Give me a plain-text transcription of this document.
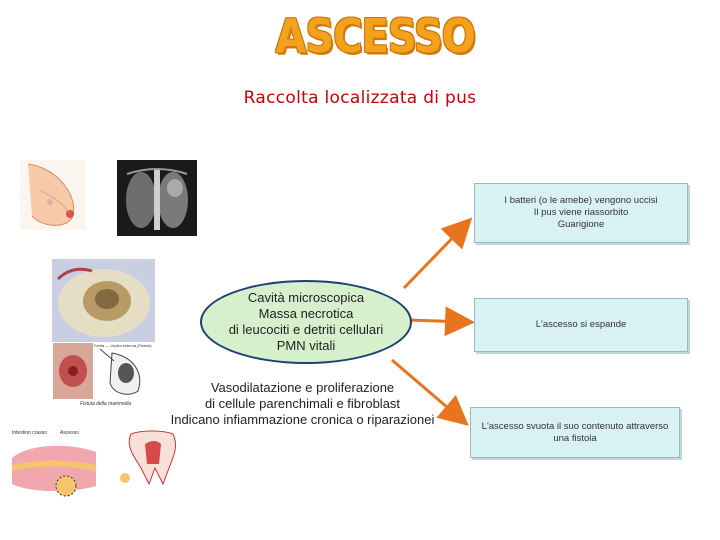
ASCESSO
Raccolta localizzata di pus
Ferita — Uscita esterna (Fistola)
Fistula della mammella
Intestino crasso	Ascesso
Cavità microscopica
Massa necrotica
di leucociti e detriti cellulari
PMN vitali
Vasodilatazione e proliferazione
di cellule parenchimali e fibroblast
Indicano infiammazione cronica o riparazionei
I batteri (o le amebe) vengono uccisi
Il pus viene riassorbito
Guarigione
L'ascesso si espande
L'ascesso svuota il suo contenuto attraverso
una fistola
